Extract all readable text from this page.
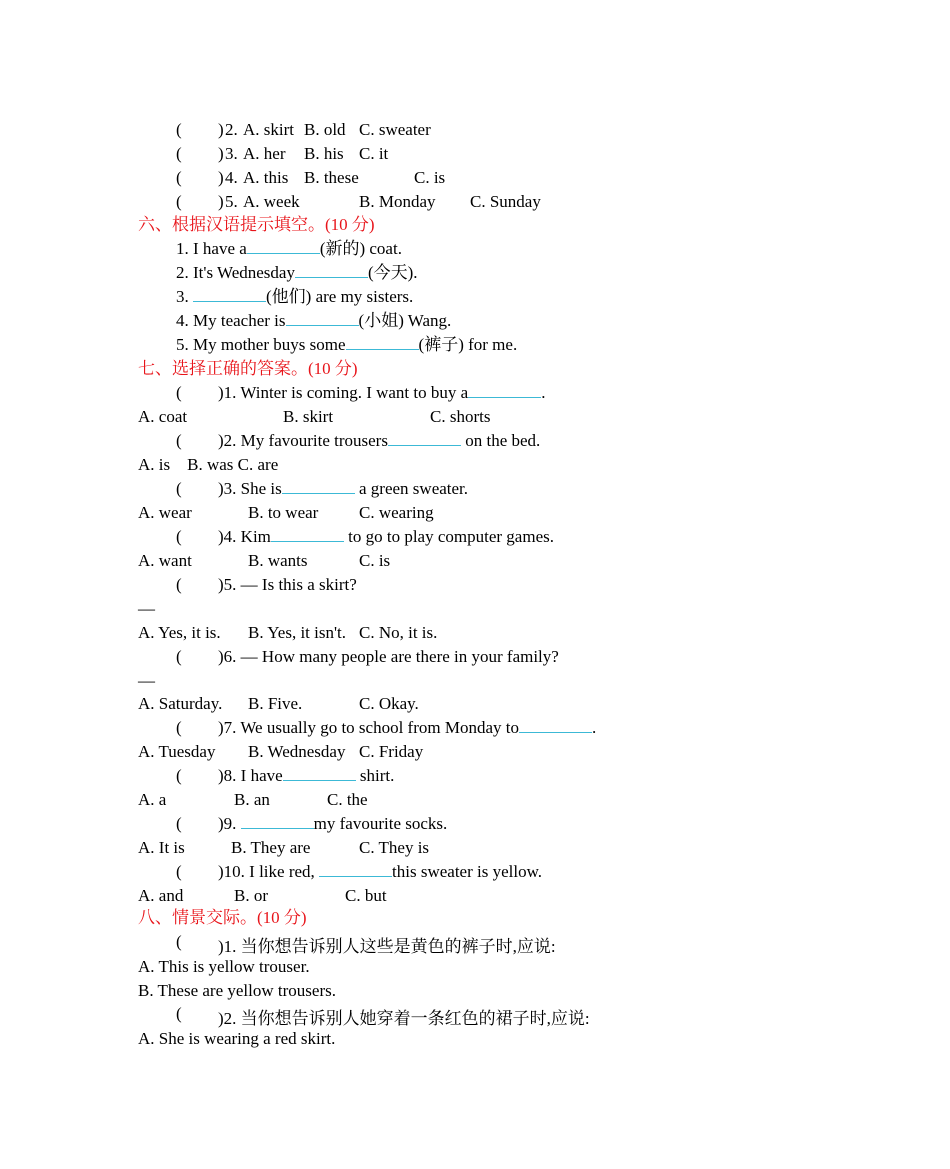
( ) 2. A. skirt B. old C. sweater
( ) 3. A. her B. his C. it
( ) 4. A. this B. these	C. is
( ) 5. A. week	B. Monday C. Sunday
六、根据汉语提示填空。(10 分)
1. I have a	(新的) coat.
2. It's Wednesday	(今天).
3.	(他们) are my sisters.
4. My teacher is	(小姐) Wang.
5. My mother buys some	(裤子) for me.
七、选择正确的答案。(10 分)
( )1. Winter is coming. I want to buy a	.
A. coat	B. skirt	C. shorts
( )2. My favourite trousers	on the bed.
A. is    B. was C. are
( )3. She is	a green sweater.
A. wear	B. to wear C. wearing
( )4. Kim	to go to play computer games.
A. want	B. wants	C. is
( )5. — Is this a skirt?
—
A. Yes, it is. B. Yes, it isn't. C. No, it is.
( )6. — How many people are there in your family?
—
A. Saturday. B. Five.	C. Okay.
( )7. We usually go to school from Monday to	.
A. Tuesday B. Wednesday C. Friday
( )8. I have	shirt.
A. a	B. an	C. the
( )9.	my favourite socks.
A. It is	B. They are	C. They is
( )10. I like red,	this sweater is yellow.
A. and	B. or	C. but
八、情景交际。(10 分)
( )1. 当你想告诉别人这些是黄色的裤子时,应说:
A. This is yellow trouser.
B. These are yellow trousers.
( )2. 当你想告诉别人她穿着一条红色的裙子时,应说:
A. She is wearing a red skirt.
